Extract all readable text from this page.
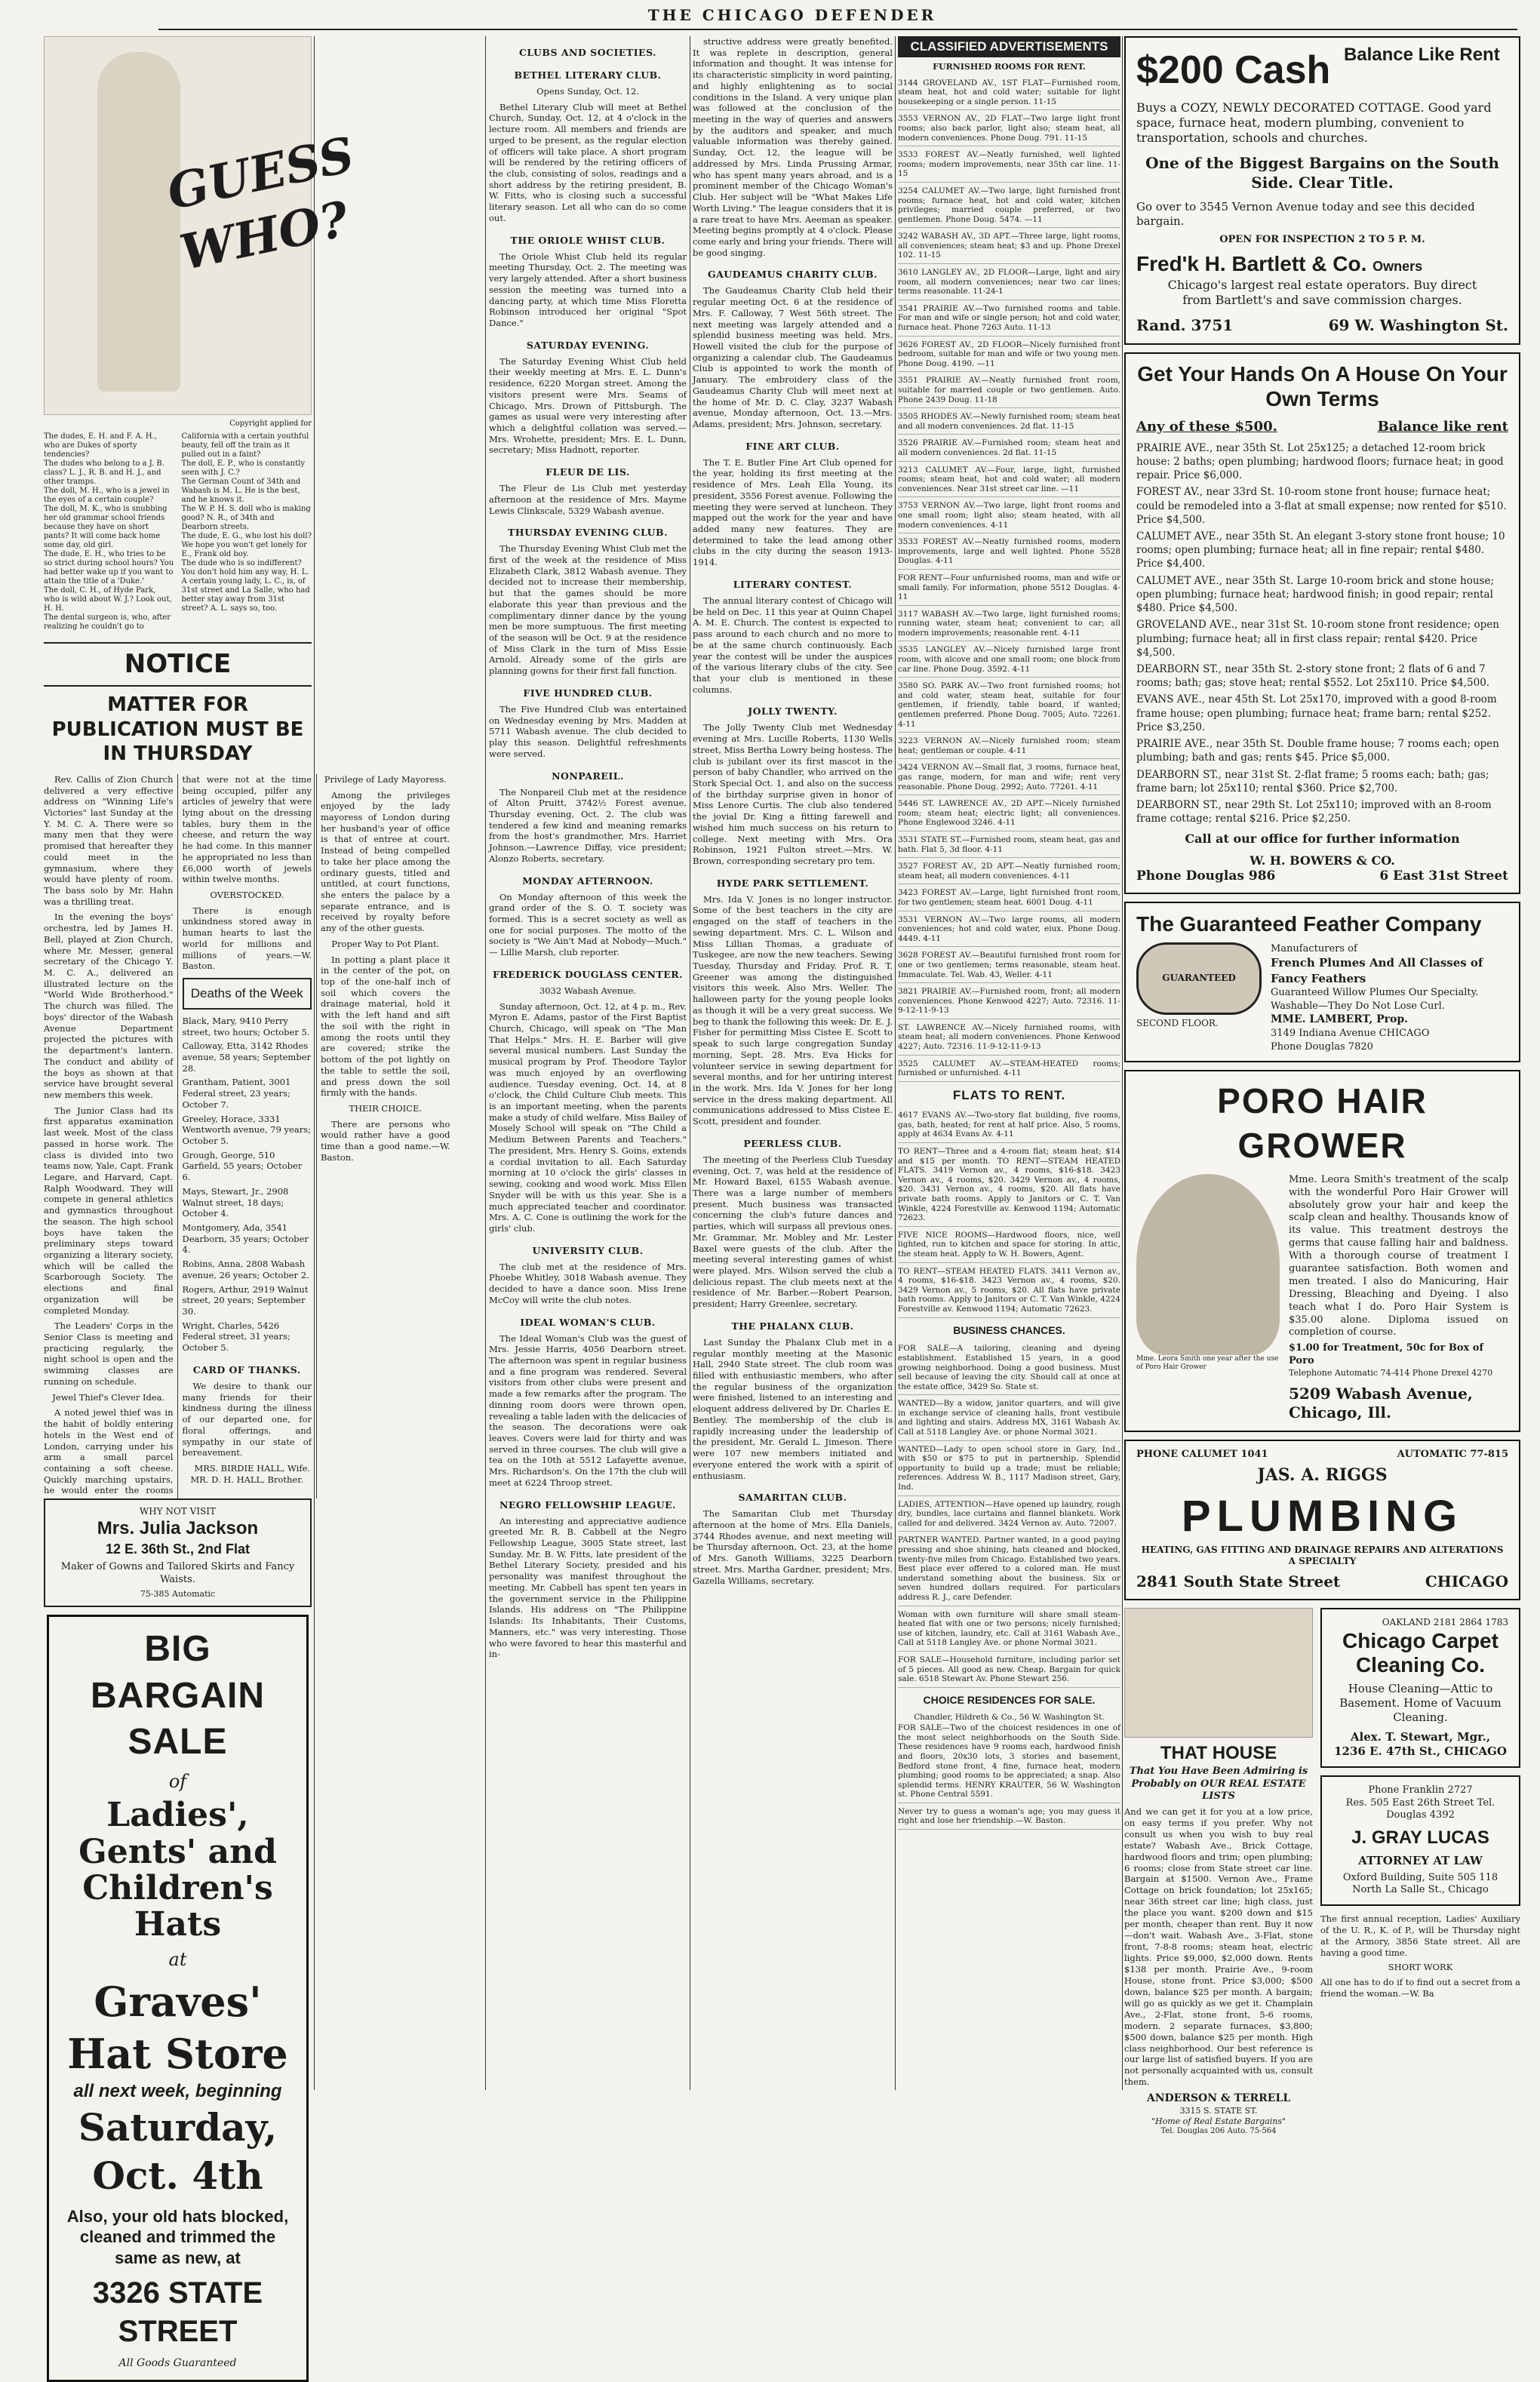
THE CHICAGO DEFENDER
GUESS WHO?
Copyright applied for
The dudes, E. H. and F. A. H., who are Dukes of sporty tendencies?
The dudes who belong to a J. B. class? L. J., R. B. and H. J., and other tramps.
The doll, M. H., who is a jewel in the eyes of a certain couple?
The doll, M. K., who is snubbing her old grammar school friends because they have on short pants? It will come back home some day, old girl.
The dude, E. H., who tries to be so strict during school hours? You had better wake up if you want to attain the title of a 'Duke.'
The doll, C. H., of Hyde Park, who is wild about W. J.? Look out, H. H.
The dental surgeon is, who, after realizing he couldn't go to California with a certain youthful beauty, fell off the train as it pulled out in a faint?
The doll, E. P., who is constantly seen with J. C.?
The German Count of 34th and Wabash is M. L. He is the best, and he knows it.
The W. P. H. S. doll who is making good? N. R., of 34th and Dearborn streets.
The dude, E. G., who lost his doll? We hope you won't get lonely for E., Frank old boy.
The dude who is so indifferent? You don't hold him any way, H. L.
A certain young lady, L. C., is, of 31st street and La Salle, who had better stay away from 31st street? A. L. says so, too.
NOTICE
MATTER FOR PUBLICATION MUST BE IN THURSDAY

Rev. Callis of Zion Church delivered a very effective address on "Winning Life's Victories" last Sunday at the Y. M. C. A. There were so many men that they were promised that hereafter they could meet in the gymnasium, where they would have plenty of room. The bass solo by Mr. Hahn was a thrilling treat.

In the evening the boys' orchestra, led by James H. Bell, played at Zion Church, where Mr. Messer, general secretary of the Chicago Y. M. C. A., delivered an illustrated lecture on the "World Wide Brotherhood." The church was filled. The boys' director of the Wabash Avenue Department projected the pictures with the department's lantern. The conduct and ability of the boys as shown at that service have brought several new members this week.

The Junior Class had its first apparatus examination last week. Most of the class passed in horse work. The class is divided into two teams now, Yale, Capt. Frank Legare, and Harvard, Capt. Ralph Woodward. They will compete in general athletics and gymnastics throughout the season. The high school boys have taken the preliminary steps toward organizing a literary society, which will be called the Scarborough Society. The elections and final organization will be completed Monday.

The Leaders' Corps in the Senior Class is meeting and practicing regularly, the night school is open and the swimming classes are running on schedule.

Jewel Thief's Clever Idea.

A noted jewel thief was in the habit of boldly entering hotels in the West end of London, carrying under his arm a small parcel containing a soft cheese. Quickly marching upstairs, he would enter the rooms that were not at the time being occupied, pilfer any articles of jewelry that were lying about on the dressing tables, bury them in the cheese, and return the way he had come. In this manner he appropriated no less than £6,000 worth of jewels within twelve months.

OVERSTOCKED.

There is enough unkindness stored away in human hearts to last the world for millions and millions of years.—W. Baston.

Deaths of the Week
Black, Mary, 9410 Perry street, two hours; October 5.
Calloway, Etta, 3142 Rhodes avenue, 58 years; September 28.
Grantham, Patient, 3001 Federal street, 23 years; October 7.
Greeley, Horace, 3331 Wentworth avenue, 79 years; October 5.
Grough, George, 510 Garfield, 55 years; October 6.
Mays, Stewart, Jr., 2908 Walnut street, 18 days; October 4.
Montgomery, Ada, 3541 Dearborn, 35 years; October 4.
Robins, Anna, 2808 Wabash avenue, 26 years; October 2.
Rogers, Arthur, 2919 Walnut street, 20 years; September 30.
Wright, Charles, 5426 Federal street, 31 years; October 5.
CARD OF THANKS.

We desire to thank our many friends for their kindness during the illness of our departed one, for floral offerings, and sympathy in our state of bereavement.

MRS. BIRDIE HALL, Wife. MR. D. H. HALL, Brother.

Privilege of Lady Mayoress.

Among the privileges enjoyed by the lady mayoress of London during her husband's year of office is that of entree at court. Instead of being compelled to take her place among the ordinary guests, titled and untitled, at court functions, she enters the palace by a separate entrance, and is received by royalty before any of the other guests.

Proper Way to Pot Plant.

In potting a plant place it in the center of the pot, on top of the one-half inch of soil which covers the drainage material, hold it with the left hand and sift the soil with the right in among the roots until they are covered; strike the bottom of the pot lightly on the table to settle the soil, and press down the soil firmly with the hands.

THEIR CHOICE.

There are persons who would rather have a good time than a good name.—W. Baston.

WHY NOT VISIT
Mrs. Julia Jackson
12 E. 36th St., 2nd Flat
Maker of Gowns and Tailored Skirts and Fancy Waists.
75-385 Automatic
BIG BARGAIN SALE
of
Ladies', Gents' and Children's Hats
at
Graves' Hat Store
all next week, beginning
Saturday, Oct. 4th
Also, your old hats blocked, cleaned and trimmed the same as new, at
3326 STATE STREET
All Goods Guaranteed
CLUBS AND SOCIETIES.
BETHEL LITERARY CLUB.
Opens Sunday, Oct. 12.

Bethel Literary Club will meet at Bethel Church, Sunday, Oct. 12, at 4 o'clock in the lecture room. All members and friends are urged to be present, as the regular election of officers will take place. A short program will be rendered by the retiring officers of the club, consisting of solos, readings and a short address by the retiring president, B. W. Fitts, who is closing such a successful literary season. Let all who can do so come out.

THE ORIOLE WHIST CLUB.

The Oriole Whist Club held its regular meeting Thursday, Oct. 2. The meeting was very largely attended. After a short business session the meeting was turned into a dancing party, at which time Miss Floretta Robinson introduced her original "Spot Dance."

SATURDAY EVENING.

The Saturday Evening Whist Club held their weekly meeting at Mrs. E. L. Dunn's residence, 6220 Morgan street. Among the visitors present were Mrs. Seams of Chicago, Mrs. Drown of Pittsburgh. The games as usual were very interesting after which a delightful collation was served.—Mrs. Wrohette, president; Mrs. E. L. Dunn, secretary; Miss Hadnott, reporter.

FLEUR DE LIS.

The Fleur de Lis Club met yesterday afternoon at the residence of Mrs. Mayme Lewis Clinkscale, 5329 Wabash avenue.

THURSDAY EVENING CLUB.

The Thursday Evening Whist Club met the first of the week at the residence of Miss Elizabeth Clark, 3812 Wabash avenue. They decided not to increase their membership, but that the games should be more elaborate this year than previous and the complimentary dinner dance by the young men be more sumptuous. The first meeting of the season will be Oct. 9 at the residence of Miss Clark in the turn of Miss Essie Arnold. Already some of the girls are planning gowns for their first fall function.

FIVE HUNDRED CLUB.

The Five Hundred Club was entertained on Wednesday evening by Mrs. Madden at 5711 Wabash avenue. The club decided to play this season. Delightful refreshments were served.

NONPAREIL.

The Nonpareil Club met at the residence of Alton Pruitt, 3742½ Forest avenue, Thursday evening, Oct. 2. The club was tendered a few kind and meaning remarks from the host's grandmother, Mrs. Harriet Johnson.—Lawrence Diffay, vice president; Alonzo Roberts, secretary.

MONDAY AFTERNOON.

On Monday afternoon of this week the grand order of the S. O. T. society was formed. This is a secret society as well as one for social purposes. The motto of the society is "We Ain't Mad at Nobody—Much." — Lillie Marsh, club reporter.

FREDERICK DOUGLASS CENTER.
3032 Wabash Avenue.

Sunday afternoon, Oct. 12, at 4 p. m., Rev. Myron E. Adams, pastor of the First Baptist Church, Chicago, will speak on "The Man That Helps." Mrs. H. E. Barber will give several musical numbers. Last Sunday the musical program by Prof. Theodore Taylor was much enjoyed by an overflowing audience. Tuesday evening, Oct. 14, at 8 o'clock, the Child Culture Club meets. This is an important meeting, when the parents make a study of child welfare. Miss Bailey of Mosely School will speak on "The Child a Medium Between Parents and Teachers." The president, Mrs. Henry S. Goins, extends a cordial invitation to all. Each Saturday morning at 10 o'clock the girls' classes in sewing, cooking and wood work. Miss Ellen Snyder will be with us this year. She is a much appreciated teacher and coordinator. Mrs. A. C. Cone is outlining the work for the girls' club.

UNIVERSITY CLUB.

The club met at the residence of Mrs. Phoebe Whitley, 3018 Wabash avenue. They decided to have a dance soon. Miss Irene McCoy will write the club notes.

IDEAL WOMAN'S CLUB.

The Ideal Woman's Club was the guest of Mrs. Jessie Harris, 4056 Dearborn street. The afternoon was spent in regular business and a fine program was rendered. Several visitors from other clubs were present and made a few remarks after the program. The dinning room doors were thrown open, revealing a table laden with the delicacies of the season. The decorations were oak leaves. Covers were laid for thirty and was served in three courses. The club will give a tea on the 10th at 5512 Lafayette avenue, Mrs. Richardson's. On the 17th the club will meet at 6224 Throop street.

NEGRO FELLOWSHIP LEAGUE.

An interesting and appreciative audience greeted Mr. R. B. Cabbell at the Negro Fellowship League, 3005 State street, last Sunday. Mr. B. W. Fitts, late president of the Bethel Literary Society, presided and his personality was manifest throughout the meeting. Mr. Cabbell has spent ten years in the government service in the Philippine Islands. His address on "The Philippine Islands: Its Inhabitants, Their Customs, Manners, etc." was very interesting. Those who were favored to hear this masterful and in-

structive address were greatly benefited. It was replete in description, general information and thought. It was intense for its characteristic simplicity in word painting, and highly enlightening as to social conditions in the Island. A very unique plan was followed at the conclusion of the meeting in the way of queries and answers by the auditors and speaker, and much valuable information was thereby gained. Sunday, Oct. 12, the league will be addressed by Mrs. Linda Prussing Armar, who has spent many years abroad, and is a prominent member of the Chicago Woman's Club. Her subject will be "What Makes Life Worth Living." The league considers that it is a rare treat to have Mrs. Aeeman as speaker. Meeting begins promptly at 4 o'clock. Please come early and bring your friends. There will be good singing.

GAUDEAMUS CHARITY CLUB.

The Gaudeamus Charity Club held their regular meeting Oct. 6 at the residence of Mrs. F. Calloway, 7 West 56th street. The next meeting was largely attended and a splendid business meeting was held. Mrs. Howell visited the club for the purpose of organizing a calendar club. The Gaudeamus Club is appointed to work the month of January. The embroidery class of the Gaudeamus Charity Club will meet next at the home of Mr. D. C. Clay, 3237 Wabash avenue, Monday afternoon, Oct. 13.—Mrs. Adams, president; Mrs. Johnson, secretary.

FINE ART CLUB.

The T. E. Butler Fine Art Club opened for the year, holding its first meeting at the residence of Mrs. Leah Ella Young, its president, 3556 Forest avenue. Following the meeting they were served at luncheon. They mapped out the work for the year and have added many new features. They are determined to take the lead among other clubs in the city during the season 1913-1914.

LITERARY CONTEST.

The annual literary contest of Chicago will be held on Dec. 11 this year at Quinn Chapel A. M. E. Church. The contest is expected to pass around to each church and no more to be at the same church continuously. Each year the contest will be under the auspices of the various literary clubs of the city. See that your club is mentioned in these columns.

JOLLY TWENTY.

The Jolly Twenty Club met Wednesday evening at Mrs. Lucille Roberts, 1130 Wells street, Miss Bertha Lowry being hostess. The club is jubilant over its first mascot in the person of baby Chandler, who arrived on the Stork Special Oct. 1, and also on the success of the birthday surprise given in honor of Miss Lenore Curtis. The club also tendered the jovial Dr. King a fitting farewell and wished him much success on his return to college. Next meeting with Mrs. Ora Robinson, 1921 Fulton street.—Mrs. W. Brown, corresponding secretary pro tem.

HYDE PARK SETTLEMENT.

Mrs. Ida V. Jones is no longer instructor. Some of the best teachers in the city are engaged on the staff of teachers in the sewing department. Mrs. C. L. Wilson and Miss Lillian Thomas, a graduate of Tuskegee, are now the new teachers. Sewing Tuesday, Thursday and Friday. Prof. R. T. Greener was among the distinguished visitors this week. Also Mrs. Weller. The halloween party for the young people looks as though it will be a very great success. We beg to thank the following this week: Dr. E. J. Fisher for permitting Miss Cistee E. Scott to speak to such large congregation Sunday morning, Sept. 28. Mrs. Eva Hicks for volunteer service in sewing department for several months, and for her untiring interest in the work. Mrs. Ida V. Jones for her long service in the dress making department. All communications addressed to Miss Cistee E. Scott, president and founder.

PEERLESS CLUB.

The meeting of the Peerless Club Tuesday evening, Oct. 7, was held at the residence of Mr. Howard Baxel, 6155 Wabash avenue. There was a large number of members present. Much business was transacted concerning the club's future dances and parties, which will surpass all previous ones. Mr. Grammar, Mr. Mobley and Mr. Lester Baxel were guests of the club. After the meeting several interesting games of whist were played. Mrs. Wilson served the club a delicious repast. The club meets next at the residence of Mr. Barber.—Robert Pearson, president; Harry Greenlee, secretary.

THE PHALANX CLUB.

Last Sunday the Phalanx Club met in a regular monthly meeting at the Masonic Hall, 2940 State street. The club room was filled with enthusiastic members, who after the regular business of the organization were finished, listened to an interesting and eloquent address delivered by Dr. Charles E. Bentley. The membership of the club is rapidly increasing under the leadership of the president, Mr. Gerald L. Jimeson. There were 107 new members initiated and everyone entered the work with a spirit of enthusiasm.

SAMARITAN CLUB.

The Samaritan Club met Thursday afternoon at the home of Mrs. Ella Daniels, 3744 Rhodes avenue, and next meeting will be Thursday afternoon, Oct. 23, at the home of Mrs. Ganoth Williams, 3225 Dearborn street. Mrs. Martha Gardner, president; Mrs. Gazella Williams, secretary.

CLASSIFIED ADVERTISEMENTS
FURNISHED ROOMS FOR RENT.
3144 GROVELAND AV., 1ST FLAT—Furnished room, steam heat, hot and cold water; suitable for light housekeeping or a single person. 11-15
3553 VERNON AV., 2D FLAT—Two large light front rooms; also back parlor, light also; steam heat, all modern conveniences. Phone Doug. 791. 11-15
3533 FOREST AV.—Neatly furnished, well lighted rooms; modern improvements, near 35th car line. 11-15
3254 CALUMET AV.—Two large, light furnished front rooms; furnace heat, hot and cold water, kitchen privileges; married couple preferred, or two gentlemen. Phone Doug. 5474. —11
3242 WABASH AV., 3D APT.—Three large, light rooms, all conveniences; steam heat; $3 and up. Phone Drexel 102. 11-15
3610 LANGLEY AV., 2D FLOOR—Large, light and airy room, all modern conveniences; near two car lines; terms reasonable. 11-24-1
3541 PRAIRIE AV.—Two furnished rooms and table. For man and wife or single person; hot and cold water, furnace heat. Phone 7263 Auto. 11-13
3626 FOREST AV., 2D FLOOR—Nicely furnished front bedroom, suitable for man and wife or two young men. Phone Doug. 4190. —11
3551 PRAIRIE AV.—Neatly furnished front room, suitable for married couple or two gentlemen. Auto. Phone 2439 Doug. 11-18
3505 RHODES AV.—Newly furnished room; steam heat and all modern conveniences. 2d flat. 11-15
3526 PRAIRIE AV.—Furnished room; steam heat and all modern conveniences. 2d flat. 11-15
3213 CALUMET AV.—Four, large, light, furnished rooms; steam heat, hot and cold water; all modern conveniences. Near 31st street car line. —11
3753 VERNON AV.—Two large, light front rooms and one small room; light also; steam heated, with all modern conveniences. 4-11
3533 FOREST AV.—Neatly furnished rooms, modern improvements, large and well lighted. Phone 5528 Douglas. 4-11
FOR RENT—Four unfurnished rooms, man and wife or small family. For information, phone 5512 Douglas. 4-11
3117 WABASH AV.—Two large, light furnished rooms; running water, steam heat; convenient to car; all modern improvements; reasonable rent. 4-11
3535 LANGLEY AV.—Nicely furnished large front room, with alcove and one small room; one block from car line. Phone Doug. 3592. 4-11
3580 SO. PARK AV.—Two front furnished rooms; hot and cold water, steam heat, suitable for four gentlemen, if friendly, table board, if wanted; gentlemen preferred. Phone Doug. 7005; Auto. 72261. 4-11
3223 VERNON AV.—Nicely furnished room; steam heat; gentleman or couple. 4-11
3424 VERNON AV.—Small flat, 3 rooms, furnace heat, gas range, modern, for man and wife; rent very reasonable. Phone Doug. 2992; Auto. 77261. 4-11
5446 ST. LAWRENCE AV., 2D APT.—Nicely furnished room; steam heat; electric light; all conveniences. Phone Englewood 3246. 4-11
3531 STATE ST.—Furnished room, steam heat, gas and bath. Flat 5, 3d floor. 4-11
3527 FOREST AV., 2D APT.—Neatly furnished room; steam heat; all modern conveniences. 4-11
3423 FOREST AV.—Large, light furnished front room, for two gentlemen; steam heat. 6001 Doug. 4-11
3531 VERNON AV.—Two large rooms, all modern conveniences; hot and cold water, eiux. Phone Doug. 4449. 4-11
3628 FOREST AV.—Beautiful furnished front room for one or two gentlemen; terms reasonable, steam heat. Immaculate. Tel. Wab. 43, Weller. 4-11
3821 PRAIRIE AV.—Furnished room, front; all modern conveniences. Phone Kenwood 4227; Auto. 72316. 11-9-12-11-9-13
ST. LAWRENCE AV.—Nicely furnished rooms, with steam heat; all modern conveniences. Phone Kenwood 4227; Auto. 72316. 11-9-12-11-9-13
3525 CALUMET AV.—STEAM-HEATED rooms; furnished or unfurnished. 4-11
FLATS TO RENT.
4617 EVANS AV.—Two-story flat building, five rooms, gas, bath, heated; for rent at half price. Also, 5 rooms, apply at 4634 Evans Av. 4-11
TO RENT—Three and a 4-room flat; steam heat; $14 and $15 per month. TO RENT—STEAM HEATED FLATS. 3419 Vernon av., 4 rooms, $16-$18. 3423 Vernon av., 4 rooms, $20. 3429 Vernon av., 4 rooms, $20. 3431 Vernon av., 4 rooms, $20. All flats have private bath rooms. Apply to Janitors or C. T. Van Winkle, 4224 Forestville av. Kenwood 1194; Automatic 72623.
FIVE NICE ROOMS—Hardwood floors, nice, well lighted, run to kitchen and space for storing. In attic, the steam heat. Apply to W. H. Bowers, Agent.
TO RENT—STEAM HEATED FLATS. 3411 Vernon av., 4 rooms, $16-$18. 3423 Vernon av., 4 rooms, $20. 3429 Vernon av., 5 rooms, $20. All flats have private bath rooms. Apply to Janitors or C. T. Van Winkle, 4224 Forestville av. Kenwood 1194; Automatic 72623.
BUSINESS CHANCES.
FOR SALE—A tailoring, cleaning and dyeing establishment. Established 15 years, in a good growing neighborhood. Doing a good business. Must sell because of leaving the city. Should call at once at the estate office, 3429 So. State st.
WANTED—By a widow, janitor quarters, and will give in exchange service of cleaning halls, front vestibule and lighting and stairs. Address MX, 3161 Wabash Av. Call at 5118 Langley Ave. or phone Normal 3021.
WANTED—Lady to open school store in Gary, Ind., with $50 or $75 to put in partnership. Splendid opportunity to build up a trade; must be reliable; references. Address W. B., 1117 Madison street, Gary, Ind.
LADIES, ATTENTION—Have opened up laundry, rough dry, bundles, lace curtains and flannel blankets. Work called for and delivered. 3424 Vernon av. Auto. 72007.
PARTNER WANTED. Partner wanted, in a good paying pressing and shoe shining, hats cleaned and blocked, twenty-five miles from Chicago. Established two years. Best place ever offered to a colored man. He must understand something about the business. Six or seven hundred dollars required. For particulars address R. J., care Defender.
Woman with own furniture will share small steam-heated flat with one or two persons; nicely furnished; use of kitchen, laundry, etc. Call at 3161 Wabash Ave., Call at 5118 Langley Ave. or phone Normal 3021.
FOR SALE—Household furniture, including parlor set of 5 pieces. All good as new. Cheap. Bargain for quick sale. 6518 Stewart Av. Phone Stewart 256.
CHOICE RESIDENCES FOR SALE.
Chandler, Hildreth & Co., 56 W. Washington St.
FOR SALE—Two of the choicest residences in one of the most select neighborhoods on the South Side. These residences have 9 rooms each, hardwood finish and floors, 20x30 lots, 3 stories and basement, Bedford stone front, 4 fine, furnace heat, modern plumbing; good rooms to be appreciated; a snap. Also splendid terms. HENRY KRAUTER, 56 W. Washington st. Phone Central 5591.
Never try to guess a woman's age; you may guess it right and lose her friendship.—W. Baston.
$200 Cash Balance Like Rent
Buys a COZY, NEWLY DECORATED COTTAGE. Good yard space, furnace heat, modern plumbing, convenient to transportation, schools and churches.
One of the Biggest Bargains on the South Side. Clear Title.
Go over to 3545 Vernon Avenue today and see this decided bargain.
OPEN FOR INSPECTION 2 TO 5 P. M.
Fred'k H. Bartlett & Co. Owners
Chicago's largest real estate operators. Buy direct
from Bartlett's and save commission charges.
Rand. 3751	69 W. Washington St.
Get Your Hands On A House On Your Own Terms
Any of these $500.	Balance like rent
PRAIRIE AVE., near 35th St. Lot 25x125; a detached 12-room brick house: 2 baths; open plumbing; hardwood floors; furnace heat; in good repair. Price $6,000.
FOREST AV., near 33rd St. 10-room stone front house; furnace heat; could be remodeled into a 3-flat at small expense; now rented for $510. Price $4,500.
CALUMET AVE., near 35th St. An elegant 3-story stone front house; 10 rooms; open plumbing; furnace heat; all in fine repair; rental $480. Price $4,400.
CALUMET AVE., near 35th St. Large 10-room brick and stone house; open plumbing; furnace heat; hardwood finish; in good repair; rental $480. Price $4,500.
GROVELAND AVE., near 31st St. 10-room stone front residence; open plumbing; furnace heat; all in first class repair; rental $420. Price $4,500.
DEARBORN ST., near 35th St. 2-story stone front; 2 flats of 6 and 7 rooms; bath; gas; stove heat; rental $552. Lot 25x110. Price $4,500.
EVANS AVE., near 45th St. Lot 25x170, improved with a good 8-room frame house; open plumbing; furnace heat; frame barn; rental $252. Price $3,250.
PRAIRIE AVE., near 35th St. Double frame house; 7 rooms each; open plumbing; bath and gas; rents $45. Price $5,000.
DEARBORN ST., near 31st St. 2-flat frame; 5 rooms each; bath; gas; frame barn; lot 25x110; rental $360. Price $2,700.
DEARBORN ST., near 29th St. Lot 25x110; improved with an 8-room frame cottage; rental $216. Price $2,250.
Call at our office for further information
W. H. BOWERS & CO.
Phone Douglas 986	6 East 31st Street
The Guaranteed Feather Company
GUARANTEED
SECOND FLOOR.
Manufacturers of
French Plumes And All Classes of Fancy Feathers
Guaranteed Willow Plumes Our Specialty. Washable—They Do Not Lose Curl.
MME. LAMBERT, Prop.
3149 Indiana Avenue CHICAGO
Phone Douglas 7820
PORO HAIR GROWER
Mme. Leora Smith one year after the use of Poro Hair Grower
Mme. Leora Smith's treatment of the scalp with the wonderful Poro Hair Grower will absolutely grow your hair and keep the scalp clean and healthy. Thousands know of its value. This treatment destroys the germs that cause falling hair and baldness. With a thorough course of treatment I guarantee satisfaction. Both women and men treated. I also do Manicuring, Hair Dressing, Bleaching and Dyeing. I also teach what I do. Poro Hair System is $35.00 alone. Diploma issued on completion of course.
$1.00 for Treatment, 50c for Box of Poro
Telephone Automatic 74-414 Phone Drexel 4270
5209 Wabash Avenue, Chicago, Ill.
PHONE CALUMET 1041	AUTOMATIC 77-815
JAS. A. RIGGS
PLUMBING
HEATING, GAS FITTING AND DRAINAGE REPAIRS AND ALTERATIONS A SPECIALTY
2841 South State Street	CHICAGO
THAT HOUSE
That You Have Been Admiring is Probably on OUR REAL ESTATE LISTS
And we can get it for you at a low price, on easy terms if you prefer. Why not consult us when you wish to buy real estate? Wabash Ave., Brick Cottage, hardwood floors and trim; open plumbing; 6 rooms; close from State street car line. Bargain at $1500. Vernon Ave., Frame Cottage on brick foundation; lot 25x165; near 36th street car line; high class, just the place you want. $200 down and $15 per month, cheaper than rent. Buy it now—don't wait. Wabash Ave., 3-Flat, stone front, 7-8-8 rooms; steam heat, electric lights. Price $9,000, $2,000 down. Rents $138 per month. Prairie Ave., 9-room House, stone front. Price $3,000; $500 down, balance $25 per month. A bargain; will go as quickly as we get it. Champlain Ave., 2-Flat, stone front, 5-6 rooms, modern. 2 separate furnaces, $3,800; $500 down, balance $25 per month. High class neighborhood. Our best reference is our large list of satisfied buyers. If you are not personally acquainted with us, consult them.
ANDERSON & TERRELL
3315 S. STATE ST.
"Home of Real Estate Bargains"
Tel. Douglas 206 Auto. 75-564
OAKLAND 2181 2864 1783
Chicago Carpet Cleaning Co.
House Cleaning—Attic to Basement. Home of Vacuum Cleaning.
Alex. T. Stewart, Mgr.,
1236 E. 47th St., CHICAGO
Phone Franklin 2727
Res. 505 East 26th Street Tel. Douglas 4392
J. GRAY LUCAS
ATTORNEY AT LAW
Oxford Building, Suite 505 118 North La Salle St., Chicago
The first annual reception, Ladies' Auxiliary of the U. R., K. of P., will be Thursday night at the Armory, 3856 State street. All are having a good time.
SHORT WORK
All one has to do if to find out a secret from a friend the woman.—W. Ba
